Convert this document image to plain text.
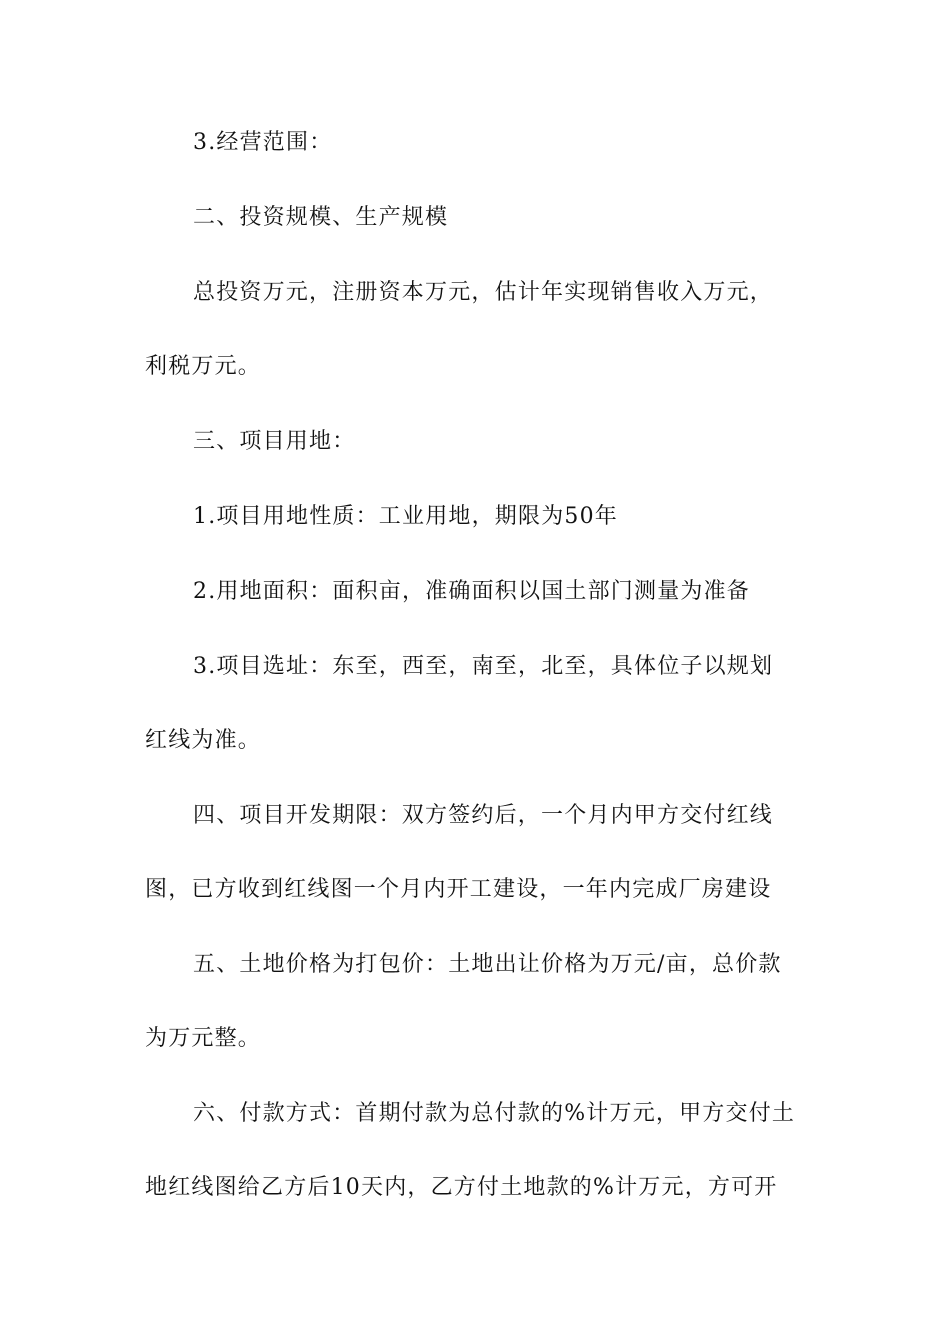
3.经营范围：

二、投资规模、生产规模

总投资万元，注册资本万元，估计年实现销售收入万元，

利税万元。

三、项目用地：

1.项目用地性质：工业用地，期限为50年

2.用地面积：面积亩，准确面积以国土部门测量为准备

3.项目选址：东至，西至，南至，北至，具体位子以规划

红线为准。

四、项目开发期限：双方签约后，一个月内甲方交付红线

图，已方收到红线图一个月内开工建设，一年内完成厂房建设

五、土地价格为打包价：土地出让价格为万元/亩，总价款

为万元整。

六、付款方式：首期付款为总付款的%计万元，甲方交付土

地红线图给乙方后10天内，乙方付土地款的%计万元，方可开
